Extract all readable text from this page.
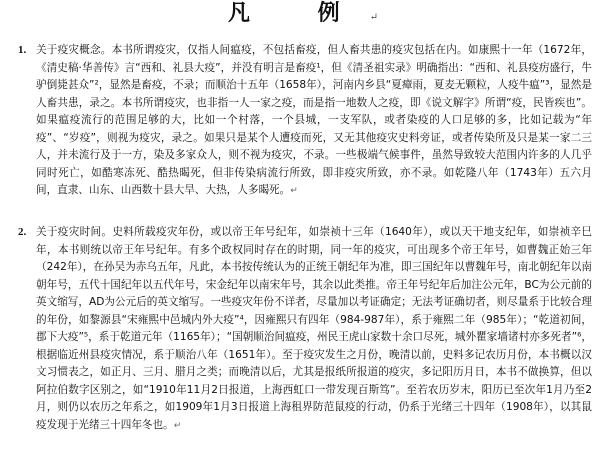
凡 例↵
1. 关于疫灾概念。本书所谓疫灾，仅指人间瘟疫，不包括畜疫，但人畜共患的疫灾包括在内。如康熙十一年（1672年，《清史稿·华善传》言“西和、礼县大疫”，并没有明言是畜疫¹，但《清圣祖实录》明确指出：“西和、礼县疫疠盛行，牛驴倒毙甚众”²，显然是畜疫，不录；而顺治十五年（1658年），河南内乡县“夏瘴雨，夏麦无颗粒，人疫牛瘟”³，显然是人畜共患，录之。本书所谓疫灾，也非指一人一家之疫，而是指一地数人之疫，即《说文解字》所谓“疫，民皆疾也”。如果瘟疫流行的范围足够的大，比如一个村落，一个县城，一支军队，或者染疫的人口足够的多，比如记载为“年疫”、“岁疫”，则视为疫灾，录之。如果只是某个人遭疫而死，又无其他疫灾史料旁证，或者传染所及只是某一家二三人，并未流行及于一方，染及多家众人，则不视为疫灾，不录。一些极端气候事件，虽然导致较大范围内许多的人几乎同时死亡，如酷寒冻死、酷热暍死，但非传染病流行所致，即非疫灾所致，亦不录。如乾隆八年（1743年）五六月间，直隶、山东、山西数十县大旱、大热，人多暍死。↵
2. 关于疫灾时间。史料所载疫灾年份，或以帝王年号纪年，如崇祯十三年（1640年），或以天干地支纪年，如崇祯辛巳年，本书则统以帝王年号纪年。有多个政权同时存在的时期，同一年的疫灾，可出现多个帝王年号，如曹魏正始三年（242年），在孙吴为赤乌五年，凡此，本书按传统认为的正统王朝纪年为准，即三国纪年以曹魏年号，南北朝纪年以南朝年号，五代十国纪年以五代年号，宋金纪年以南宋年号，其余以此类推。帝王年号纪年后加注公元年，BC为公元前的英文缩写，AD为公元后的英文缩写。一些疫灾年份不详者，尽量加以考证确定；无法考证确切者，则尽量系于比较合理的年份，如黎源县“宋雍熙中邑城内外大疫”⁴，因雍熙只有四年（984-987年），系于雍熙二年（985年）；“乾道初间，郡下大疫”⁵，系于乾道元年（1165年）；“国朝顺治间瘟疫，州民王虎山家数十余口尽死，城外瞿家墙诸村亦多死者”⁶，根据临近州县疫灾情况，系于顺治八年（1651年）。至于疫灾发生之月份，晚清以前，史料多记农历月份，本书概以汉文习惯表之，如正月、三月、腊月之类；而晚清以后，尤其是报纸所报道的疫灾，多记阳历月日，本书不做换算，但以阿拉伯数字区别之，如“1910年11月2日报道，上海西虹口一带发现百斯笃”。至若农历岁末，阳历已至次年1月乃至2月，则仍以农历之年系之，如1909年1月3日报道上海租界防范鼠疫的行动，仍系于光绪三十四年（1908年），以其鼠疫发现于光绪三十四年冬也。↵
